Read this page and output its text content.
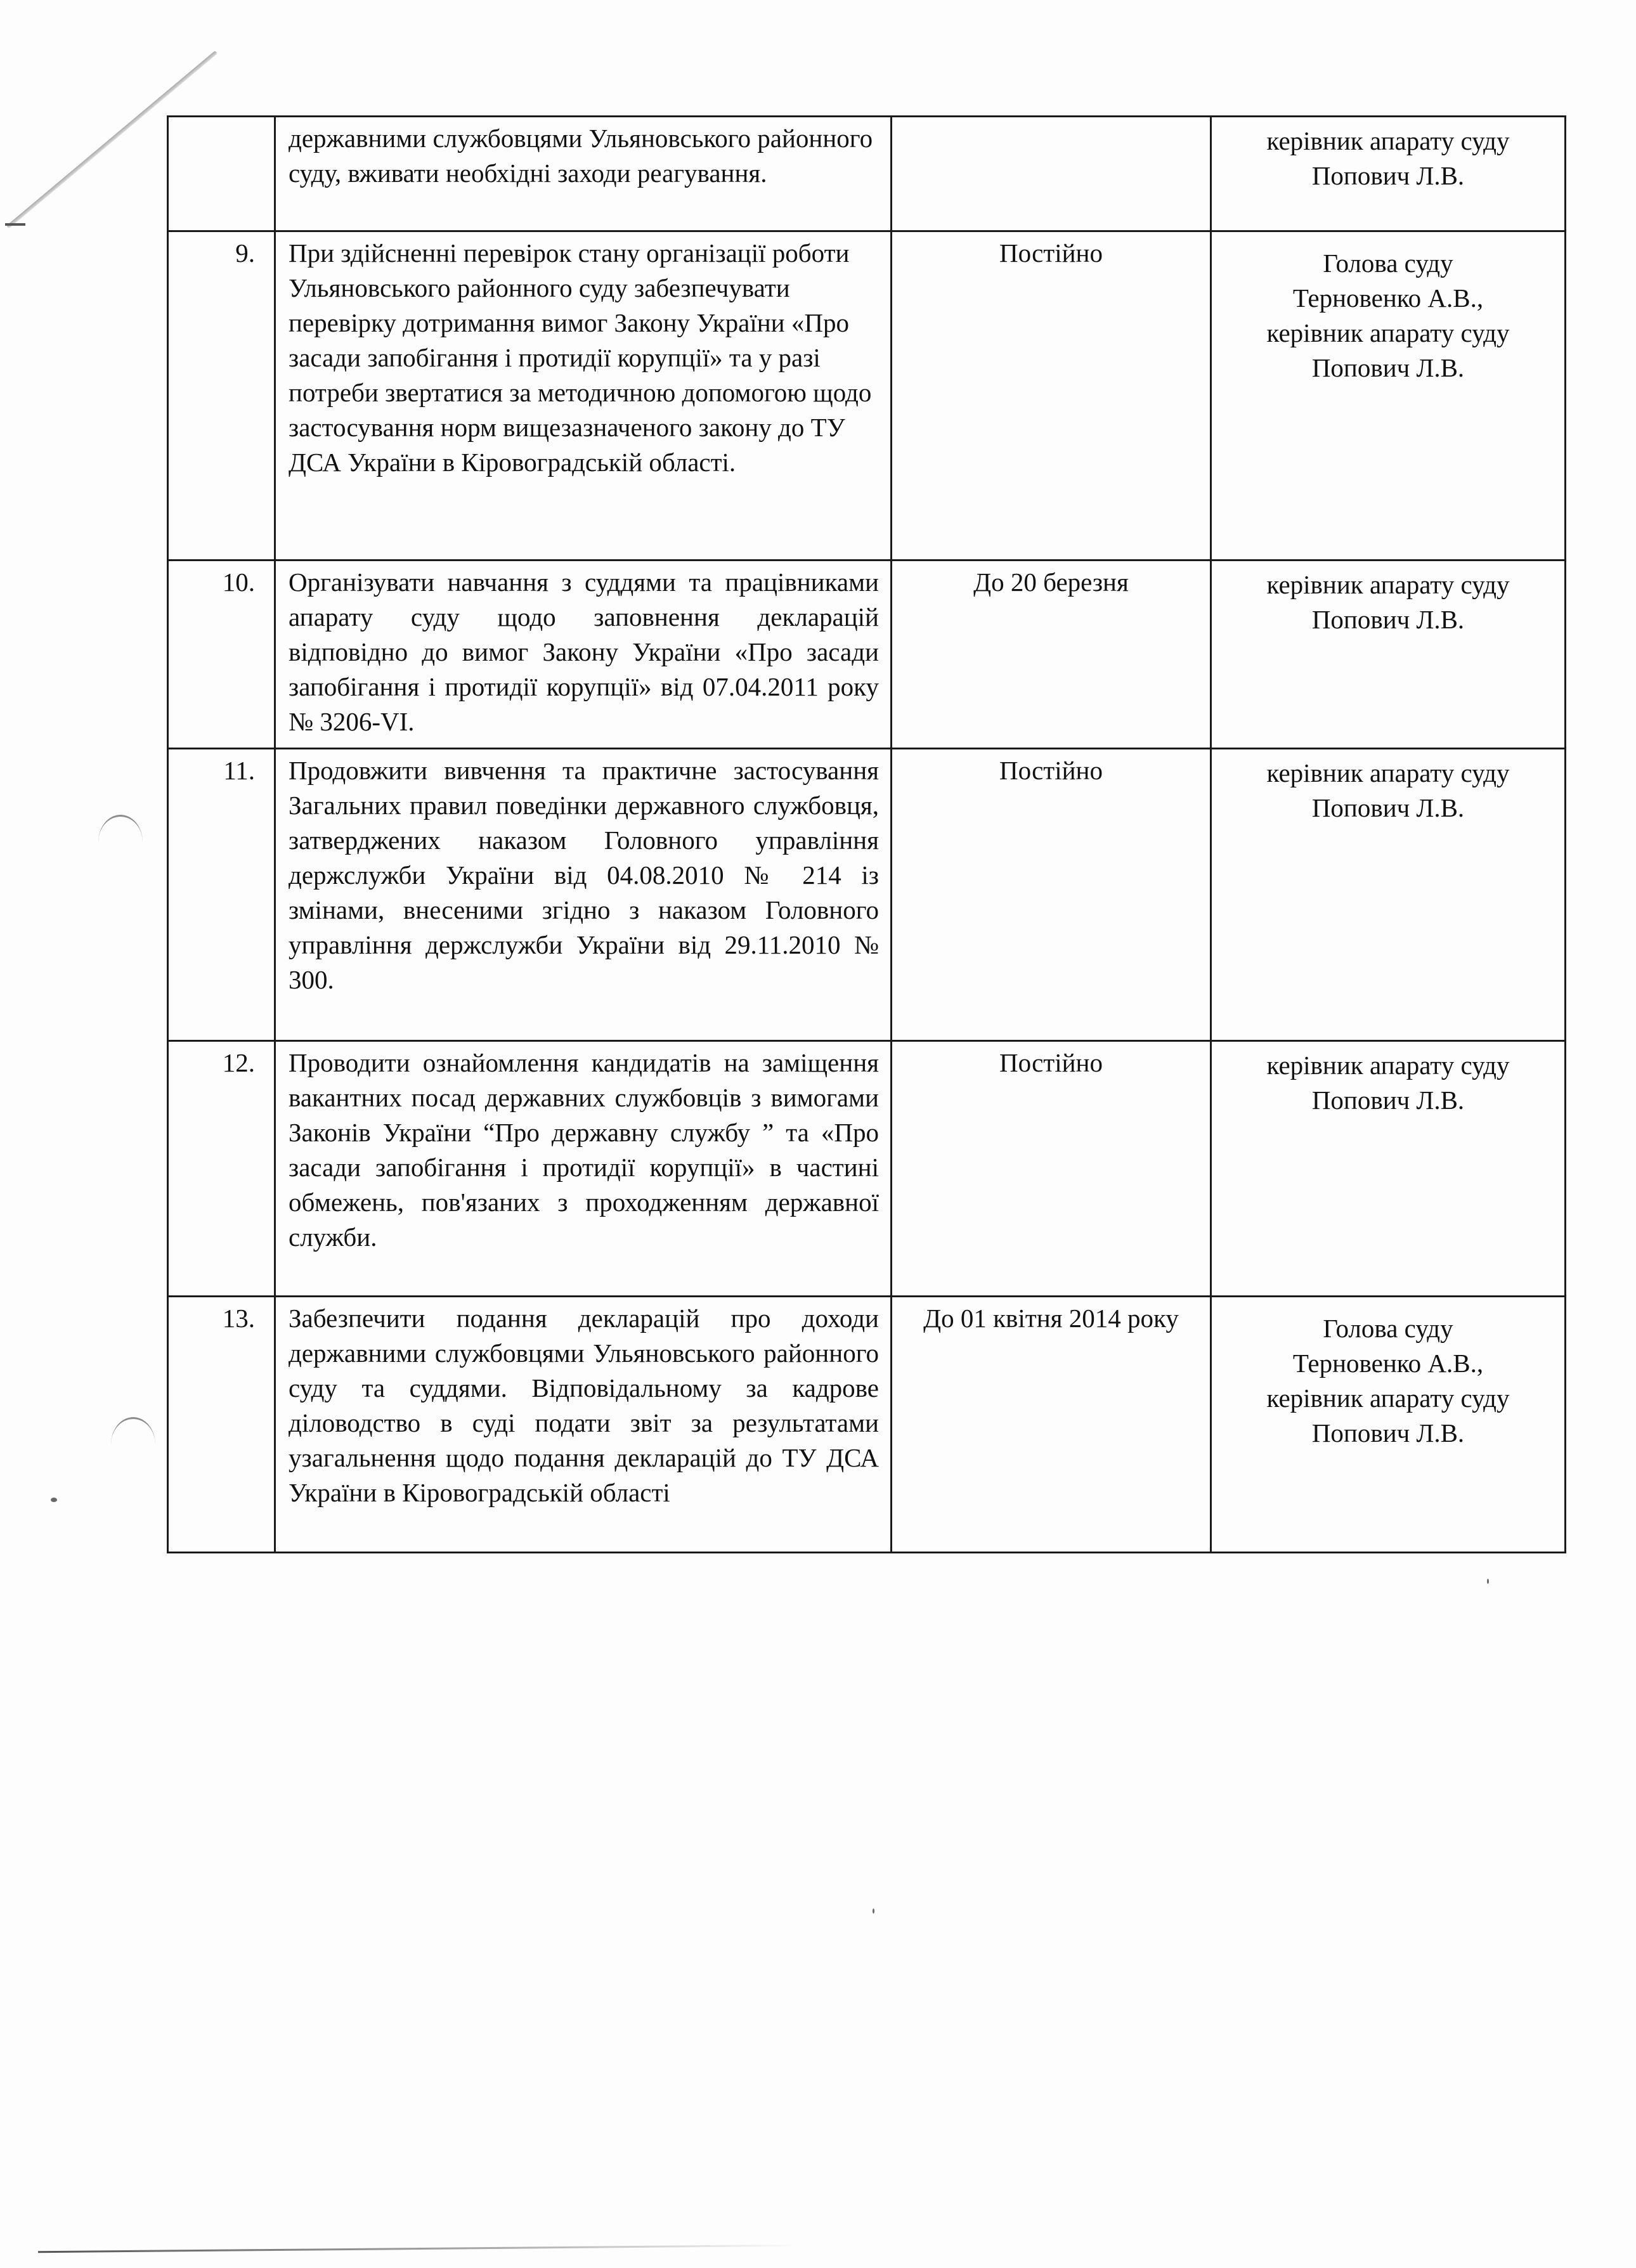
	державними службовцями Ульяновського районного суду, вживати необхідні заходи реагування.		керівник апарату суду
Попович Л.В.

9.	При здійсненні перевірок стану організації роботи Ульяновського районного суду забезпечувати перевірку дотримання вимог Закону України «Про засади запобігання і протидії корупції» та у разі потреби звертатися за методичною допомогою щодо застосування норм вищезазначеного закону до ТУ ДСА України в Кіровоградській області.	Постійно	Голова суду
Терновенко А.В.,
керівник апарату суду
Попович Л.В.

10.	Організувати навчання з суддями та працівниками апарату суду щодо заповнення декларацій відповідно до вимог Закону України «Про засади запобігання і протидії корупції» від 07.04.2011 року № 3206-VI.	До 20 березня	керівник апарату суду
Попович Л.В.

11.	Продовжити вивчення та практичне застосування Загальних правил поведінки державного службовця, затверджених наказом Головного управління держслужби України від 04.08.2010 № 214 із змінами, внесеними згідно з наказом Головного управління держслужби України від 29.11.2010 № 300.	Постійно	керівник апарату суду
Попович Л.В.

12.	Проводити ознайомлення кандидатів на заміщення вакантних посад державних службовців з вимогами Законів України “Про державну службу ” та «Про засади запобігання і протидії корупції» в частині обмежень, пов'язаних з проходженням державної служби.	Постійно	керівник апарату суду
Попович Л.В.

13.	Забезпечити подання декларацій про доходи державними службовцями Ульяновського районного суду та суддями. Відповідальному за кадрове діловодство в суді подати звіт за результатами узагальнення щодо подання декларацій до ТУ ДСА України в Кіровоградській області	До 01 квітня 2014 року	Голова суду
Терновенко А.В.,
керівник апарату суду
Попович Л.В.
